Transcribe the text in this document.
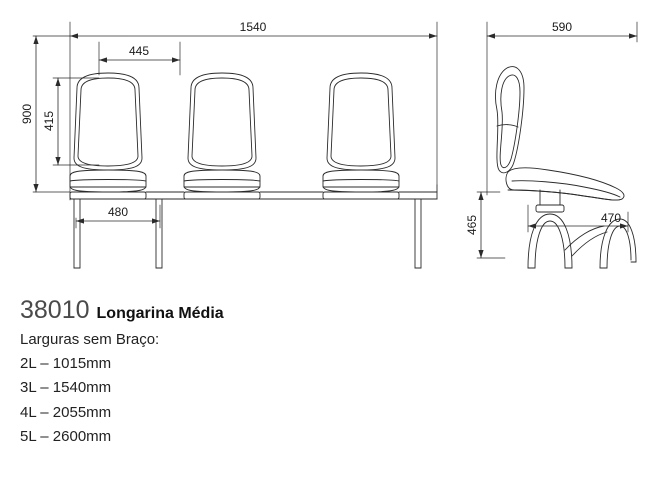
1540
445
480
900 415
590
465	470
38010 Longarina Média
Larguras sem Braço:
2L – 1015mm
3L – 1540mm
4L – 2055mm
5L – 2600mm
